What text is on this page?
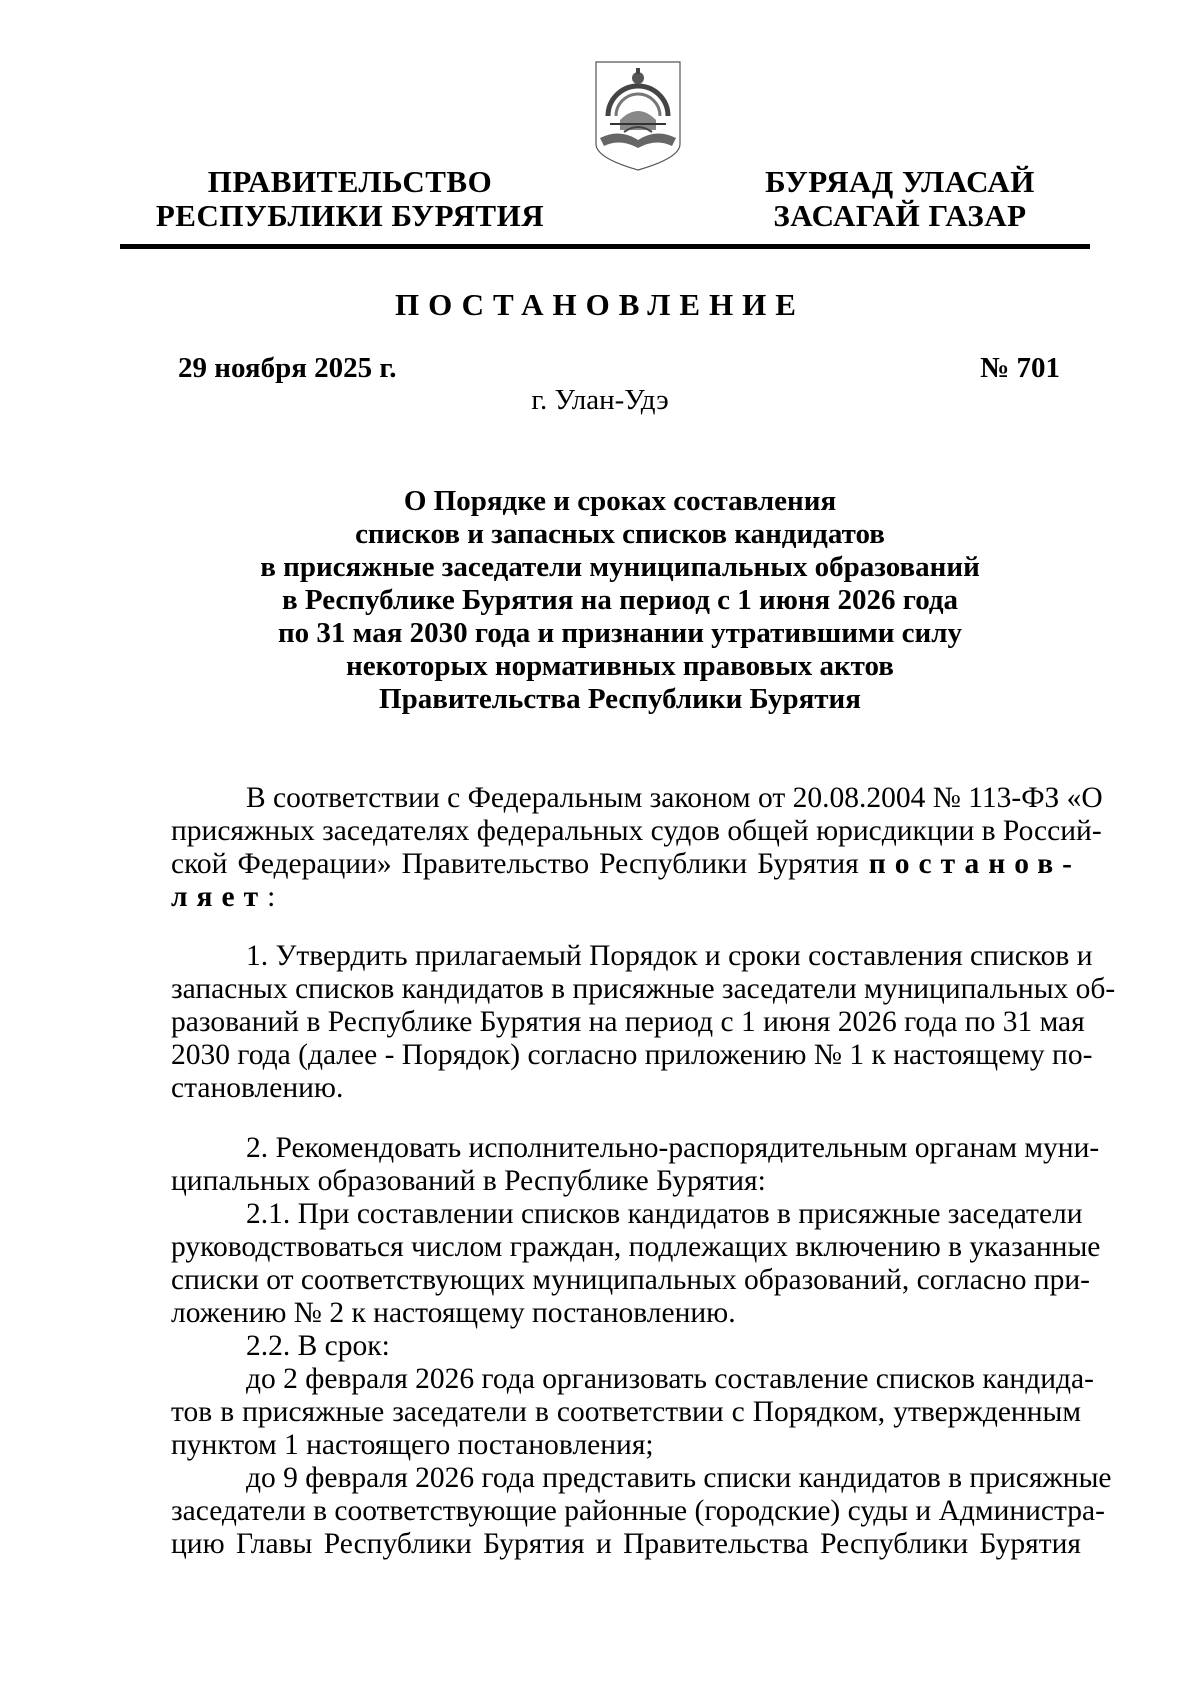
ПРАВИТЕЛЬСТВО
РЕСПУБЛИКИ БУРЯТИЯ
БУРЯАД УЛАСАЙ
ЗАСАГАЙ ГАЗАР
ПОСТАНОВЛЕНИЕ
29 ноября 2025 г.	№ 701
г. Улан-Удэ
О Порядке и сроках составления
списков и запасных списков кандидатов
в присяжные заседатели муниципальных образований
в Республике Бурятия на период с 1 июня 2026 года
по 31 мая 2030 года и признании утратившими силу
некоторых нормативных правовых актов
Правительства Республики Бурятия
В соответствии с Федеральным законом от 20.08.2004 № 113-ФЗ «О
присяжных заседателях федеральных судов общей юрисдикции в Россий-
ской Федерации» Правительство Республики Бурятия постанов-
ляет:
1. Утвердить прилагаемый Порядок и сроки составления списков и
запасных списков кандидатов в присяжные заседатели муниципальных об-
разований в Республике Бурятия на период с 1 июня 2026 года по 31 мая
2030 года (далее - Порядок) согласно приложению № 1 к настоящему по-
становлению.
2. Рекомендовать исполнительно-распорядительным органам муни-
ципальных образований в Республике Бурятия:
2.1. При составлении списков кандидатов в присяжные заседатели
руководствоваться числом граждан, подлежащих включению в указанные
списки от соответствующих муниципальных образований, согласно при-
ложению № 2 к настоящему постановлению.
2.2. В срок:
до 2 февраля 2026 года организовать составление списков кандида-
тов в присяжные заседатели в соответствии с Порядком, утвержденным
пунктом 1 настоящего постановления;
до 9 февраля 2026 года представить списки кандидатов в присяжные
заседатели в соответствующие районные (городские) суды и Администра-
цию Главы Республики Бурятия и Правительства Республики Бурятия
